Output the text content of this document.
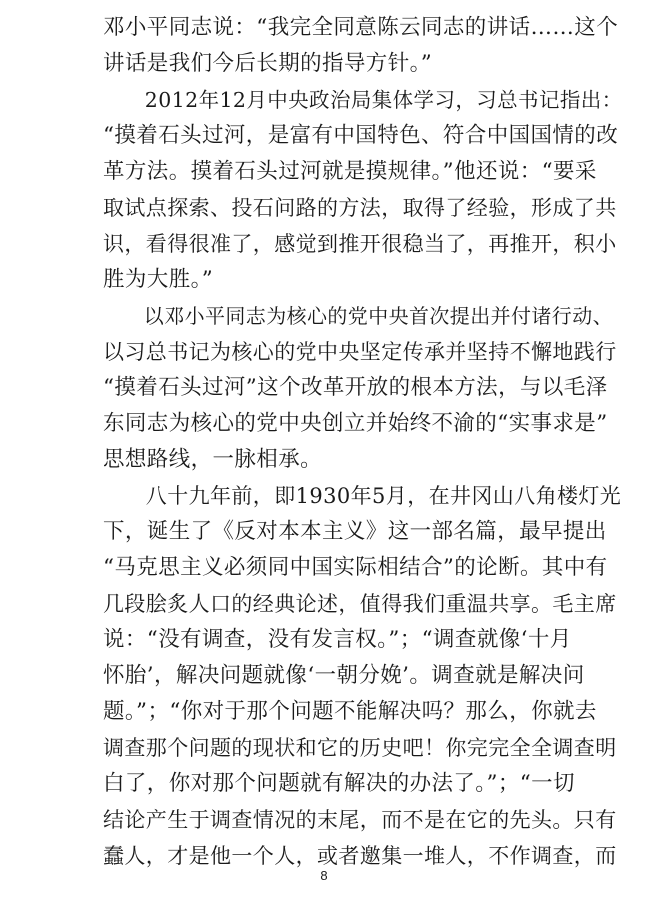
邓小平同志说：“我完全同意陈云同志的讲话……这个
讲话是我们今后长期的指导方针。”
　　2012年12月中央政治局集体学习，习总书记指出：
“摸着石头过河，是富有中国特色、符合中国国情的改
革方法。摸着石头过河就是摸规律。”他还说：“要采
取试点探索、投石问路的方法，取得了经验，形成了共
识，看得很准了，感觉到推开很稳当了，再推开，积小
胜为大胜。”
　　以邓小平同志为核心的党中央首次提出并付诸行动、
以习总书记为核心的党中央坚定传承并坚持不懈地践行
“摸着石头过河”这个改革开放的根本方法，与以毛泽
东同志为核心的党中央创立并始终不渝的“实事求是”
思想路线，一脉相承。
　　八十九年前，即1930年5月，在井冈山八角楼灯光
下，诞生了《反对本本主义》这一部名篇，最早提出
“马克思主义必须同中国实际相结合”的论断。其中有
几段脍炙人口的经典论述，值得我们重温共享。毛主席
说：“没有调查，没有发言权。”；“调查就像‘十月
怀胎’，解决问题就像‘一朝分娩’。调查就是解决问
题。”；“你对于那个问题不能解决吗？那么，你就去
调查那个问题的现状和它的历史吧！你完完全全调查明
白了，你对那个问题就有解决的办法了。”；“一切
结论产生于调查情况的末尾，而不是在它的先头。只有
蠢人，才是他一个人，或者邀集一堆人，不作调查，而
8
